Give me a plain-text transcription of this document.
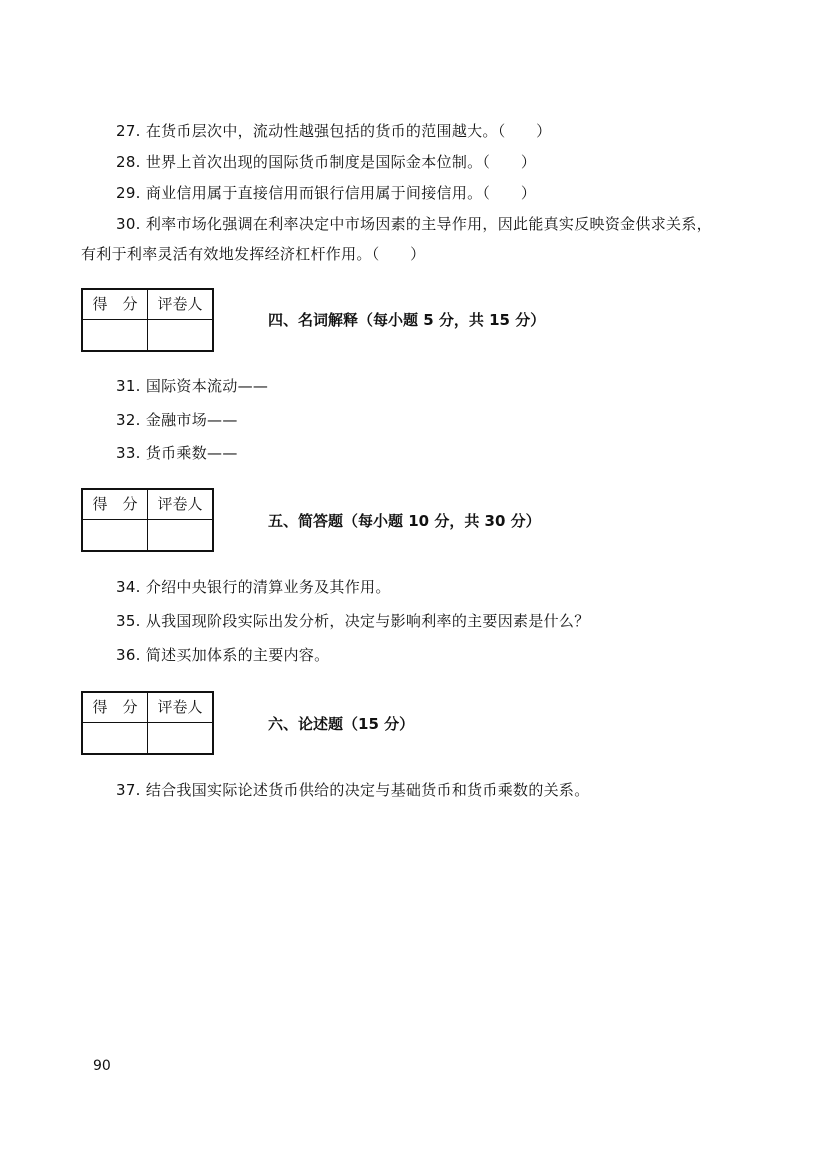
27. 在货币层次中，流动性越强包括的货币的范围越大。（　　）
28. 世界上首次出现的国际货币制度是国际金本位制。（　　）
29. 商业信用属于直接信用而银行信用属于间接信用。（　　）
30. 利率市场化强调在利率决定中市场因素的主导作用，因此能真实反映资金供求关系，
有利于利率灵活有效地发挥经济杠杆作用。（　　）
得　分	评卷人
四、名词解释（每小题 5 分，共 15 分）
31. 国际资本流动——
32. 金融市场——
33. 货币乘数——
得　分	评卷人
五、简答题（每小题 10 分，共 30 分）
34. 介绍中央银行的清算业务及其作用。
35. 从我国现阶段实际出发分析，决定与影响利率的主要因素是什么？
36. 简述买加体系的主要内容。
得　分	评卷人
六、论述题（15 分）
37. 结合我国实际论述货币供给的决定与基础货币和货币乘数的关系。
90
